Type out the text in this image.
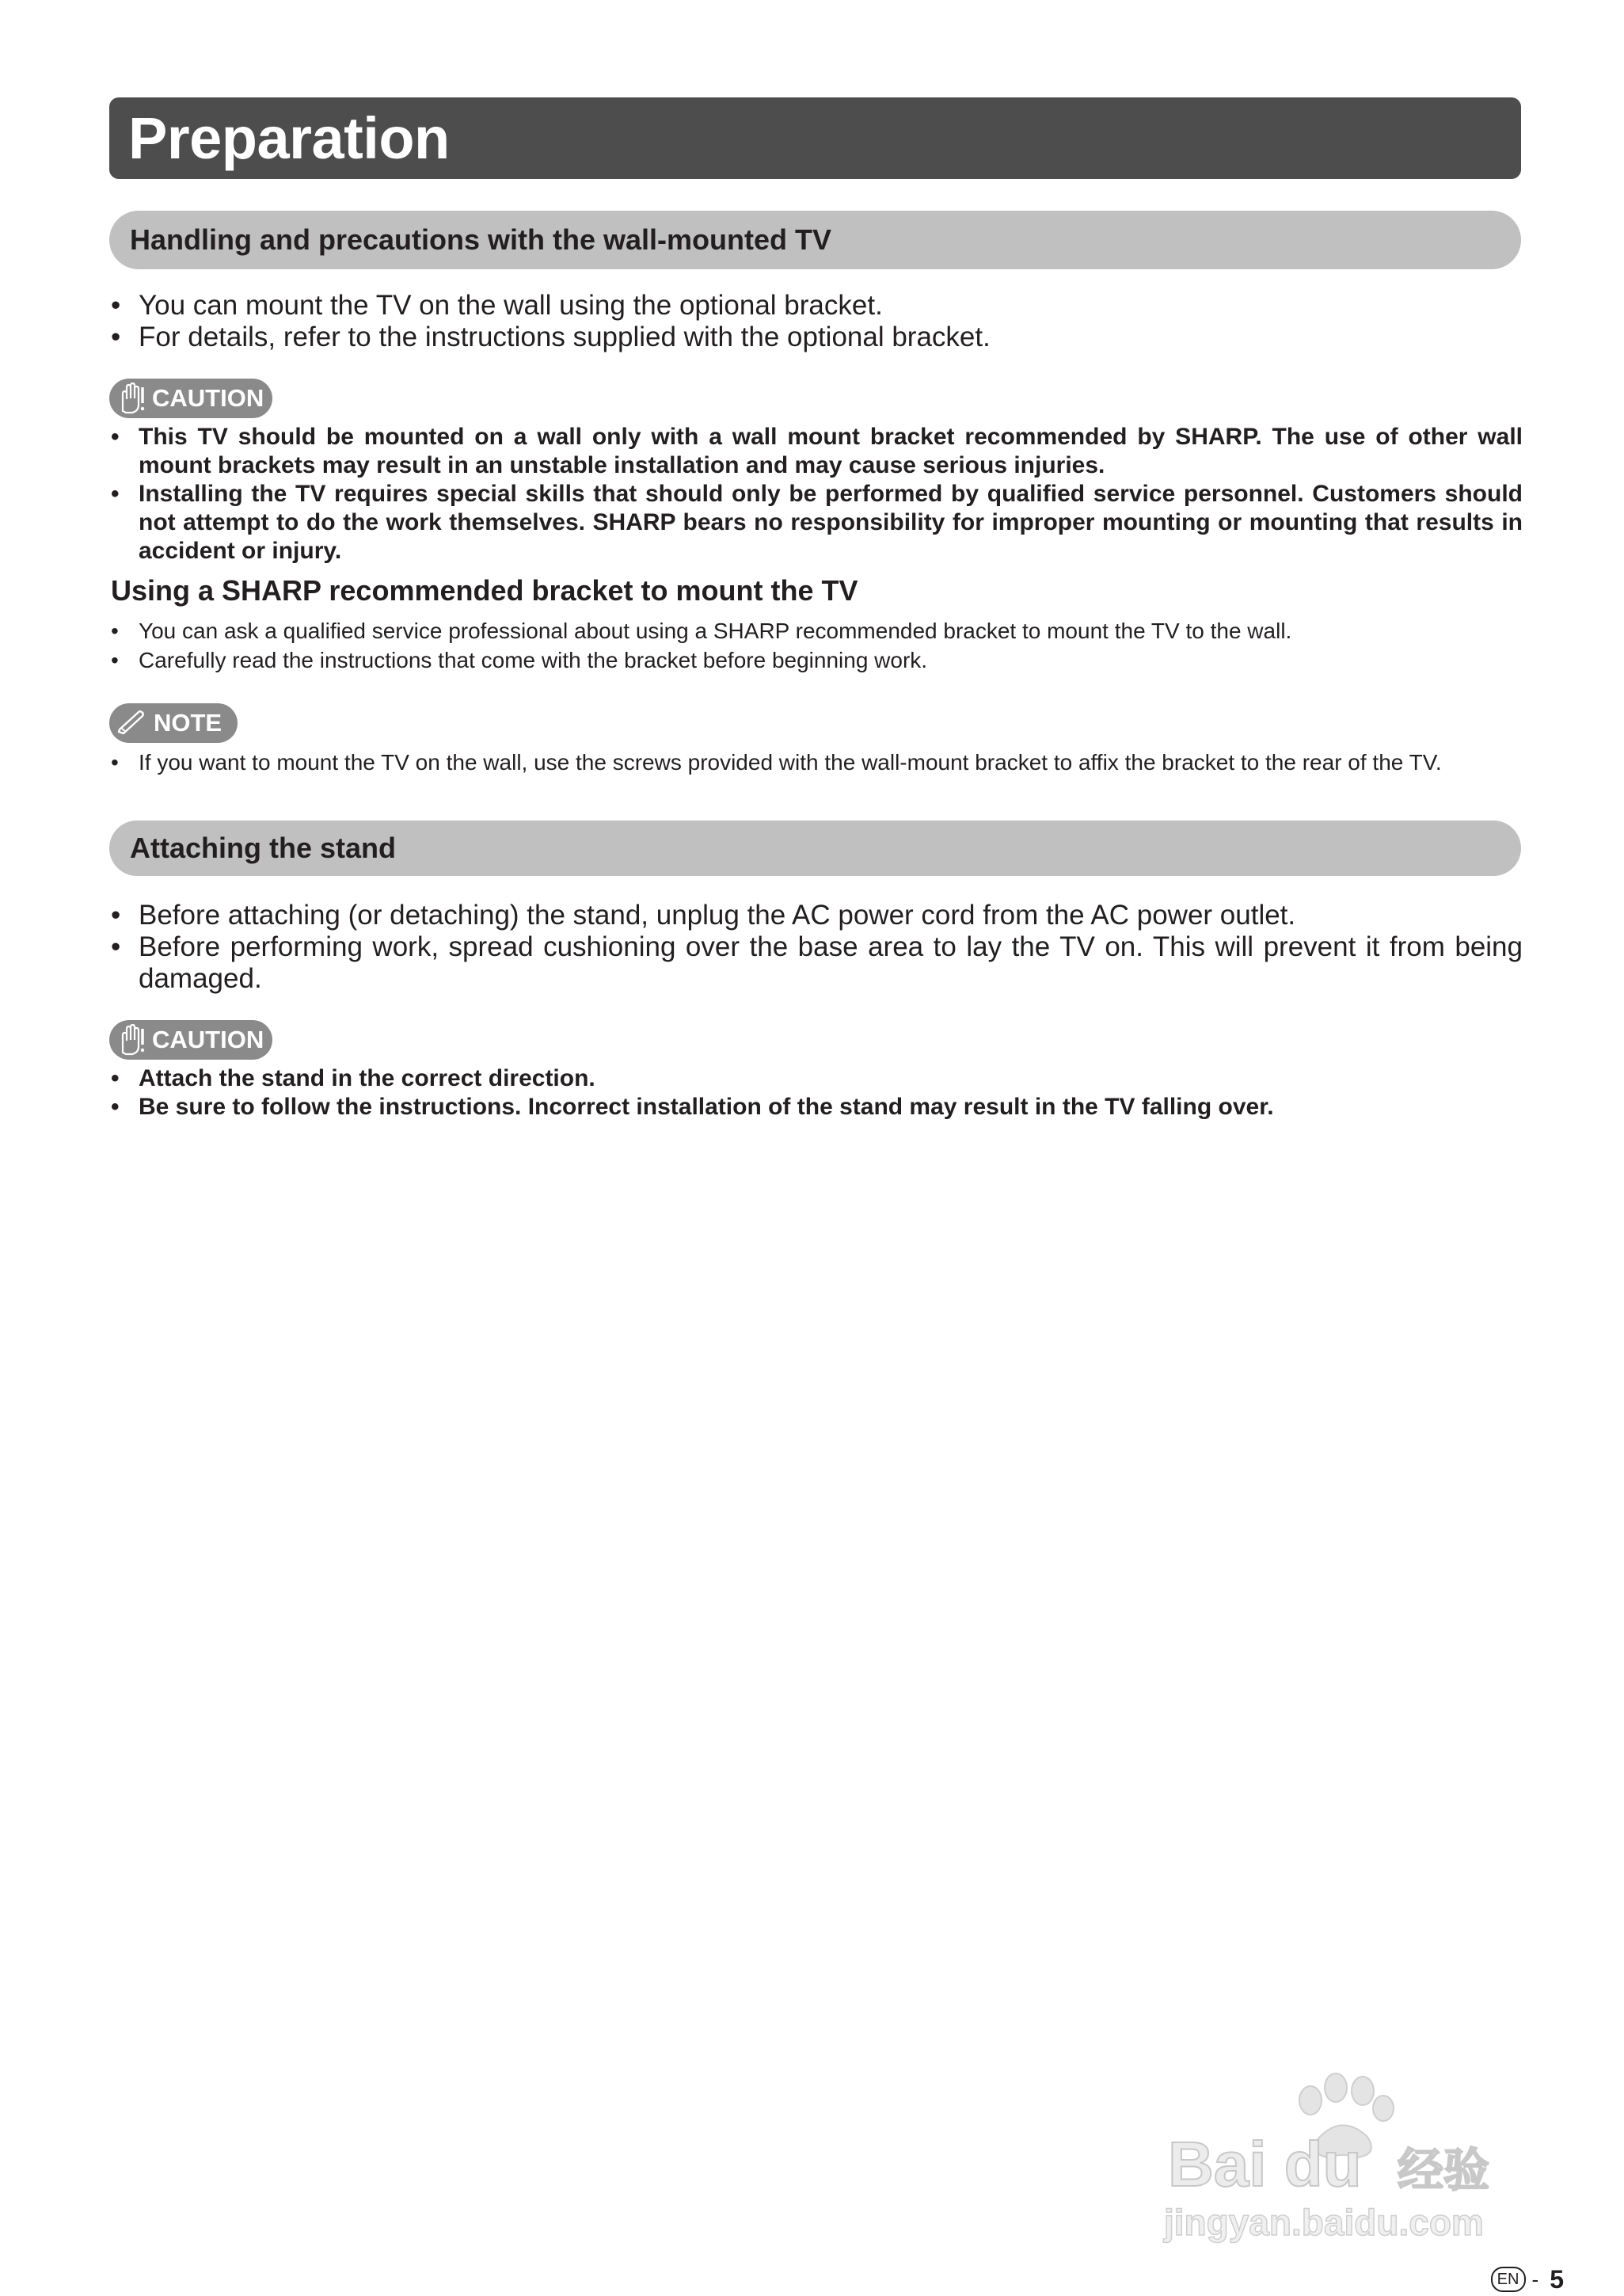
Preparation
Handling and precautions with the wall-mounted TV
• You can mount the TV on the wall using the optional bracket.
• For details, refer to the instructions supplied with the optional bracket.
CAUTION
• This TV should be mounted on a wall only with a wall mount bracket recommended by SHARP. The use of other wall mount brackets may result in an unstable installation and may cause serious injuries.
• Installing the TV requires special skills that should only be performed by qualified service personnel. Customers should not attempt to do the work themselves. SHARP bears no responsibility for improper mounting or mounting that results in accident or injury.
Using a SHARP recommended bracket to mount the TV
• You can ask a qualified service professional about using a SHARP recommended bracket to mount the TV to the wall.
• Carefully read the instructions that come with the bracket before beginning work.
NOTE
• If you want to mount the TV on the wall, use the screws provided with the wall-mount bracket to affix the bracket to the rear of the TV.
Attaching the stand
• Before attaching (or detaching) the stand, unplug the AC power cord from the AC power outlet.
• Before performing work, spread cushioning over the base area to lay the TV on. This will prevent it from being damaged.
CAUTION
• Attach the stand in the correct direction.
• Be sure to follow the instructions. Incorrect installation of the stand may result in the TV falling over.
Bai du 经验
jingyan.baidu.com
EN - 5
